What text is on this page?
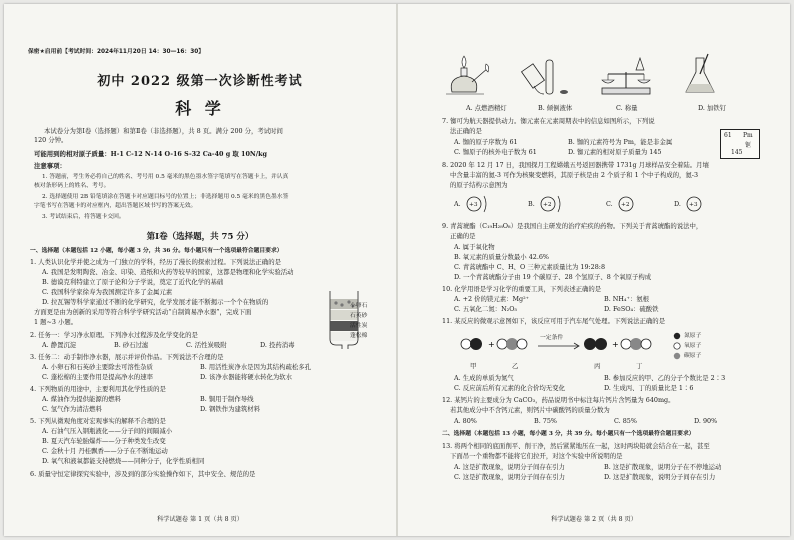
保密★启用前【考试时间：2024年11月20日 14：30—16：30】
初中 2022 级第一次诊断性考试
科 学
本试卷分为第Ⅰ卷（选择题）和第Ⅱ卷（非选择题），共 8 页。满分 200 分，考试时间
120 分钟。
可能用到的相对原子质量：H-1 C-12 N-14 O-16 S-32 Ca-40 g 取 10N/kg
注意事项：
1. 答题前，考生务必将自己的姓名、考号用 0.5 毫米的黑色墨水签字笔填写在答题卡上，并认真
核对条形码上的姓名、考号。
2. 选择题使用 2B 铅笔填涂在答题卡对应题目标号的位置上；非选择题用 0.5 毫米的黑色墨水签
字笔书写在答题卡的对应框内，超出答题区域书写的答案无效。
3. 考试结束后，将答题卡交回。
第Ⅰ卷（选择题，共 75 分）
一、选择题（本题包括 12 小题，每小题 3 分，共 36 分。每小题只有一个选项最符合题目要求）
1. 人类认识化学并使之成为一门独立的学科，经历了漫长的探索过程。下列说法正确的是
A. 我国是发明陶瓷、冶金、印染、造纸和火药等较早的国家，这都是物理和化学实验活动
B. 德谟克利特建立了原子论和分子学说，奠定了近代化学的基础
C. 我国科学家徐寿为我国测定许多了金属元素
D. 拉瓦锡等科学家通过不断的化学研究，化学发展才能不断揭示一个个在物质的
方面更是由为创新的采用等符合科学学研究活动“自制简易净水器”，完成下面
1 题~3 小题。
小卵石
石英砂
活性炭
蓬松棉
2. 任务一：学习净水原理。下列净水过程涉及化学变化的是
A. 静置沉淀	B. 砂石过滤	C. 活性炭吸附	D. 投药消毒
3. 任务二：动手制作净水器，展示并评价作品。下列说法不合理的是
A. 小卵石和石英砂主要除去可溶性杂质	B. 用活性炭净水是因为其结构疏松多孔
C. 蓬松棉的主要作用是提高净水的速率	D. 该净水器能将硬水转化为软水
4. 下列物质的用途中，主要利用其化学性质的是
A. 煤油作为提供能源的燃料	B. 铜用于制作导线
C. 氢气作为清洁燃料	D. 钢铁作为建筑材料
5. 下列从微观角度对宏观事实的解释不合理的是
A. 石油气压入钢瓶液化——分子间的间隔减小
B. 夏天汽车轮胎爆炸——分子种类发生改变
C. 金秋十月 丹桂飘香——分子在不断地运动
D. 氧气和液氧都能支持燃烧——同种分子，化学性质相同
6. 质量守恒定律探究实验中，涉及到的部分实验操作如下，其中安全、规范的是
科学试题卷 第 1 页（共 8 页）
A. 点燃酒精灯	B. 倾倒液体	C. 称量	D. 加铁钉
7. 铷可为航天器提供动力。铷元素在元素周期表中的信息如图所示，下列说
法正确的是
A. 铷的原子序数为 61	B. 铷的元素符号为 Pm，能是非金属
C. 铷原子的核外电子数为 61	D. 铷元素的相对原子质量为 145
61 Pm
钷
145
8. 2020 年 12 月 17 日，我国探月工程嫦娥五号返回器携带 1731g 月球样品安全着陆。月壤
中含量丰富的氦-3 可作为核聚变燃料，其原子核是由 2 个质子和 1 个中子构成的，氦-3
的原子结构示意图为
A. +3	B. +2	C. +2	D. +3
9. 青蒿琥酯（C₁₉H₂₈O₈）是我国自主研发的治疗疟疾的药物。下列关于青蒿琥酯的说法中，
正确的是
A. 属于氧化物
B. 氧元素的质量分数最小 42.6%
C. 青蒿琥酯中 C、H、O 三种元素质量比为 19:28:8
D. 一个青蒿琥酯分子由 19 个碳原子、28 个氢原子、8 个氧原子构成
10. 化学用语是学习化学的重要工具，下列表述正确的是
A. +2 价的镁元素：Mg²⁺	B. NH₄⁺：氨根
C. 五氧化二氮：N₂O₅	D. FeSO₄：硫酸铁
11. 某反应的微观示意图如下，该反应可用于汽车尾气处理。下列说法正确的是
+	+
一定条件	氮原子
氧原子
碳原子
甲	乙	丙	丁
A. 生成的单质为氮气	B. 参加反应的甲、乙的分子个数比是 2∶3
C. 反应前后所有元素的化合价均无变化	D. 生成丙、丁的质量比是 1∶6
12. 某钙片的主要成分为 CaCO₃，药品说明书中标注每片钙片含钙量为 640mg。
若其他成分中不含钙元素，则钙片中碳酸钙的质量分数为
A. 80%	B. 75%	C. 85%	D. 90%
二、选择题（本题包括 13 小题，每小题 3 分，共 39 分。每小题只有一个选项最符合题目要求）
13. 将两个相同的底面削平、削干净，然后紧紧地压在一起，这时两块铅就会结合在一起，甚至
下面吊一个重物都不能将它们拉开，对这个实验中所说明的是
A. 这是扩散现象，说明分子间存在引力	B. 这是扩散现象，说明分子在不停地运动
C. 这是扩散现象，说明分子间存在引力	D. 这是扩散现象，说明分子间存在引力
科学试题卷 第 2 页（共 8 页）
